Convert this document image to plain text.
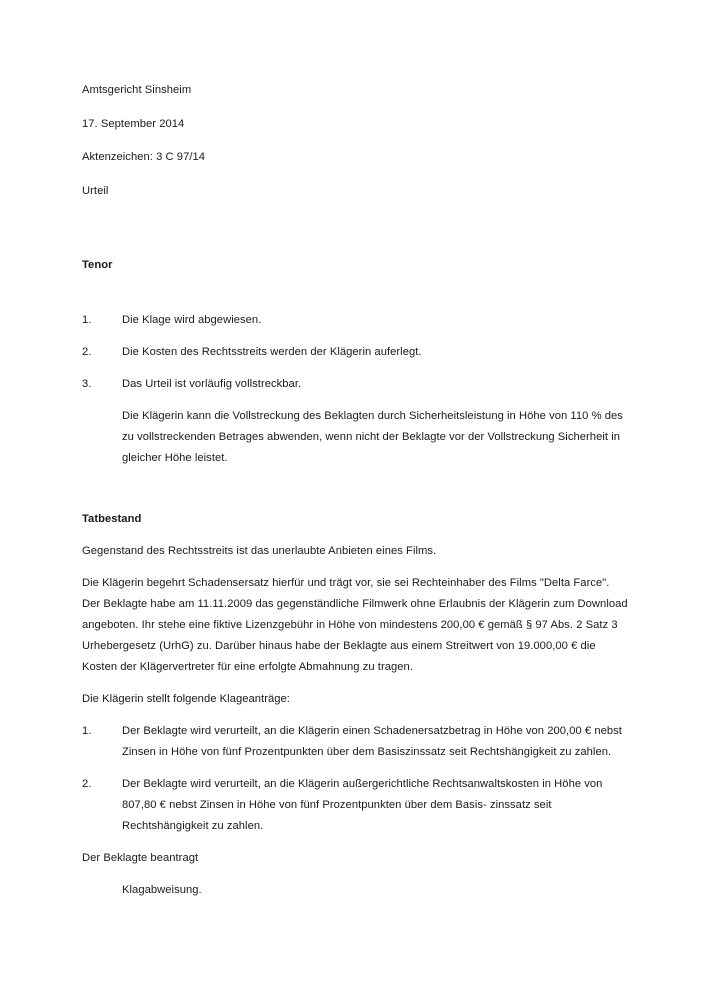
Amtsgericht Sinsheim

17. September 2014

Aktenzeichen: 3 C 97/14

Urteil

Tenor

1.	Die Klage wird abgewiesen.

2.	Die Kosten des Rechtsstreits werden der Klägerin auferlegt.

3.	Das Urteil ist vorläufig vollstreckbar.

Die Klägerin kann die Vollstreckung des Beklagten durch Sicherheitsleistung in Höhe von 110 % des zu vollstreckenden Betrages abwenden, wenn nicht der Beklagte vor der Vollstreckung Sicherheit in gleicher Höhe leistet.

Tatbestand

Gegenstand des Rechtsstreits ist das unerlaubte Anbieten eines Films.

Die Klägerin begehrt Schadensersatz hierfür und trägt vor, sie sei Rechteinhaber des Films "Delta Farce". Der Beklagte habe am 11.11.2009 das gegenständliche Filmwerk ohne Erlaubnis der Klägerin zum Download angeboten. Ihr stehe eine fiktive Lizenzgebühr in Höhe von mindestens 200,00 € gemäß § 97 Abs. 2 Satz 3 Urhebergesetz (UrhG) zu. Darüber hinaus habe der Beklagte aus einem Streitwert von 19.000,00 € die Kosten der Klägervertreter für eine erfolgte Abmahnung zu tragen.

Die Klägerin stellt folgende Klageanträge:

1.	Der Beklagte wird verurteilt, an die Klägerin einen Schadenersatzbetrag in Höhe von 200,00 € nebst Zinsen in Höhe von fünf Prozentpunkten über dem Basiszinssatz seit Rechtshängigkeit zu zahlen.

2.	Der Beklagte wird verurteilt, an die Klägerin außergerichtliche Rechtsanwaltskosten in Höhe von 807,80 € nebst Zinsen in Höhe von fünf Prozentpunkten über dem Basis- zinssatz seit Rechtshängigkeit zu zahlen.

Der Beklagte beantragt

Klagabweisung.
